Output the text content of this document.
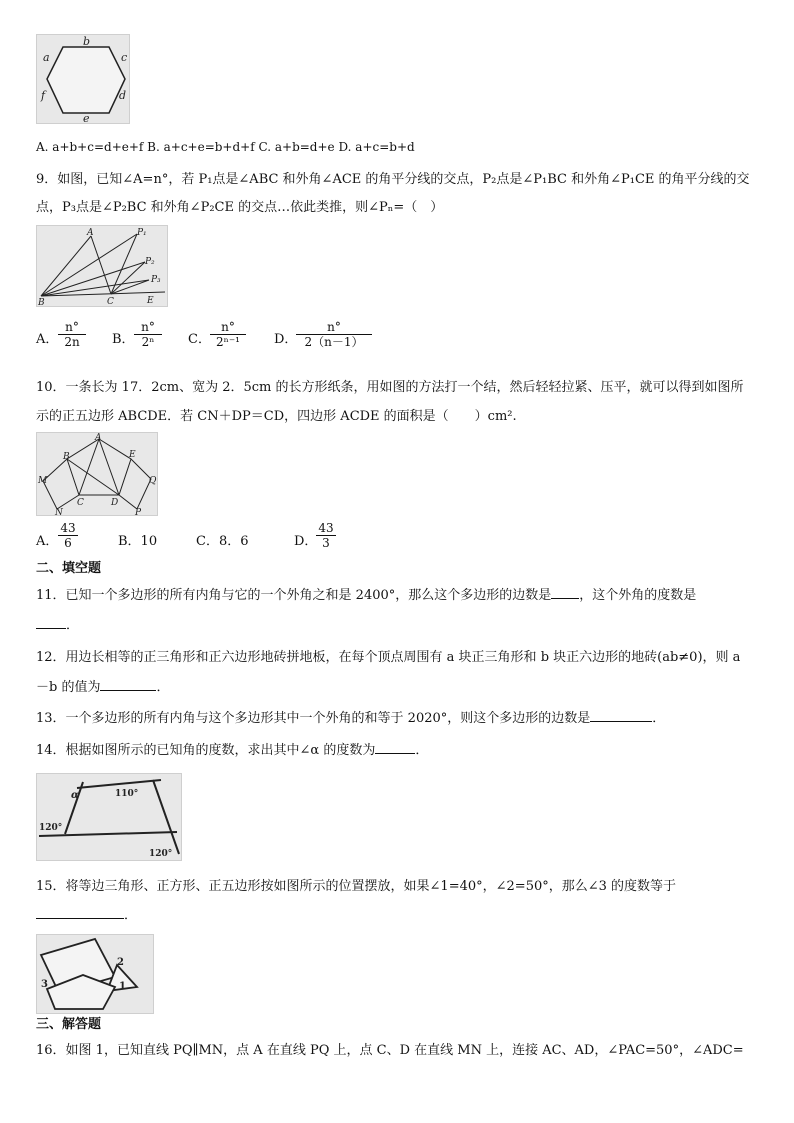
b
a	c
f	d
e
A. a+b+c=d+e+f B. a+c+e=b+d+f C. a+b=d+e D. a+c=b+d
9．如图，已知∠A=n°，若 P₁点是∠ABC 和外角∠ACE 的角平分线的交点，P₂点是∠P₁BC 和外角∠P₁CE 的角平分线的交
点，P₃点是∠P₂BC 和外角∠P₂CE 的交点…依此类推，则∠Pₙ=（　）
A	P₁
P₂
P₃
B	C	E
A． $\frac{n^\circ}{2n}$ B． $\frac{n^\circ}{\text{2ⁿ}}$ C． $\frac{n^\circ}{\text{2ⁿ⁻¹}}$ D．
$\frac{n^\circ}{2(n-1)}$
10．一条长为 17．2cm、宽为 2．5cm 的长方形纸条，用如图的方法打一个结，然后轻轻拉紧、压平，就可以得到如图所
示的正五边形 ABCDE．若 CN＋DP＝CD，四边形 ACDE 的面积是（　　）cm².
A
B	E
M	Q
C	D
N	P
A． $\frac{43}{6}$	B．10	C．8．6	D．
$\frac{43}{3}$
二、填空题
11．已知一个多边形的所有内角与它的一个外角之和是 2400°，那么这个多边形的边数是 ，这个外角的度数是
．
12．用边长相等的正三角形和正六边形地砖拼地板，在每个顶点周围有 a 块正三角形和 b 块正六边形的地砖(ab≠0)，则 a
－b 的值为	．
13．一个多边形的所有内角与这个多边形其中一个外角的和等于 2020°，则这个多边形的边数是	．
14．根据如图所示的已知角的度数，求出其中∠α 的度数为	．
α	110°
120°
120°
15．将等边三角形、正方形、正五边形按如图所示的位置摆放，如果∠1=40°，∠2=50°，那么∠3 的度数等于
．
2
1
3
三、解答题
16．如图 1，已知直线 PQ∥MN，点 A 在直线 PQ 上，点 C、D 在直线 MN 上，连接 AC、AD，∠PAC=50°，∠ADC=
